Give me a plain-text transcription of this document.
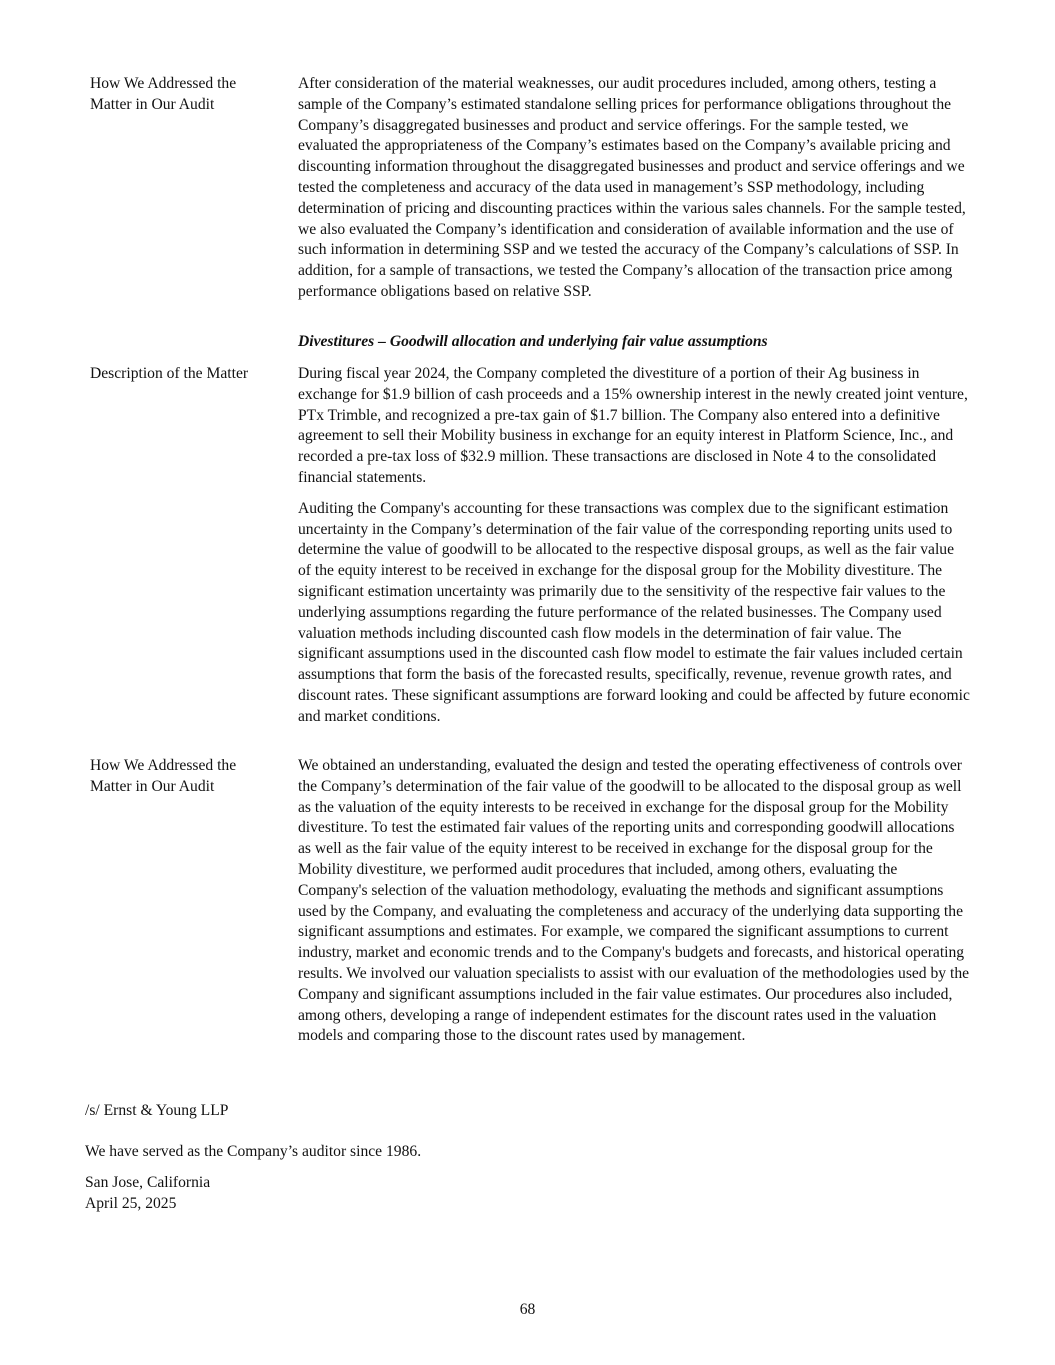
How We Addressed the
Matter in Our Audit
After consideration of the material weaknesses, our audit procedures included, among others, testing a sample of the Company’s estimated standalone selling prices for performance obligations throughout the Company’s disaggregated businesses and product and service offerings. For the sample tested, we evaluated the appropriateness of the Company’s estimates based on the Company’s available pricing and discounting information throughout the disaggregated businesses and product and service offerings and we tested the completeness and accuracy of the data used in management’s SSP methodology, including determination of pricing and discounting practices within the various sales channels. For the sample tested, we also evaluated the Company’s identification and consideration of available information and the use of such information in determining SSP and we tested the accuracy of the Company’s calculations of SSP. In addition, for a sample of transactions, we tested the Company’s allocation of the transaction price among performance obligations based on relative SSP.
Divestitures – Goodwill allocation and underlying fair value assumptions
Description of the Matter	During fiscal year 2024, the Company completed the divestiture of a portion of their Ag business in exchange for $1.9 billion of cash proceeds and a 15% ownership interest in the newly created joint venture, PTx Trimble, and recognized a pre-tax gain of $1.7 billion. The Company also entered into a definitive agreement to sell their Mobility business in exchange for an equity interest in Platform Science, Inc., and recorded a pre-tax loss of $32.9 million. These transactions are disclosed in Note 4 to the consolidated financial statements.
Auditing the Company's accounting for these transactions was complex due to the significant estimation uncertainty in the Company’s determination of the fair value of the corresponding reporting units used to determine the value of goodwill to be allocated to the respective disposal groups, as well as the fair value of the equity interest to be received in exchange for the disposal group for the Mobility divestiture. The significant estimation uncertainty was primarily due to the sensitivity of the respective fair values to the underlying assumptions regarding the future performance of the related businesses. The Company used valuation methods including discounted cash flow models in the determination of fair value. The significant assumptions used in the discounted cash flow model to estimate the fair values included certain assumptions that form the basis of the forecasted results, specifically, revenue, revenue growth rates, and discount rates. These significant assumptions are forward looking and could be affected by future economic and market conditions.
How We Addressed the
Matter in Our Audit
We obtained an understanding, evaluated the design and tested the operating effectiveness of controls over the Company’s determination of the fair value of the goodwill to be allocated to the disposal group as well as the valuation of the equity interests to be received in exchange for the disposal group for the Mobility divestiture. To test the estimated fair values of the reporting units and corresponding goodwill allocations as well as the fair value of the equity interest to be received in exchange for the disposal group for the Mobility divestiture, we performed audit procedures that included, among others, evaluating the Company's selection of the valuation methodology, evaluating the methods and significant assumptions used by the Company, and evaluating the completeness and accuracy of the underlying data supporting the significant assumptions and estimates. For example, we compared the significant assumptions to current industry, market and economic trends and to the Company's budgets and forecasts, and historical operating results. We involved our valuation specialists to assist with our evaluation of the methodologies used by the Company and significant assumptions included in the fair value estimates. Our procedures also included, among others, developing a range of independent estimates for the discount rates used in the valuation models and comparing those to the discount rates used by management.
/s/ Ernst & Young LLP
We have served as the Company’s auditor since 1986.
San Jose, California
April 25, 2025
68
